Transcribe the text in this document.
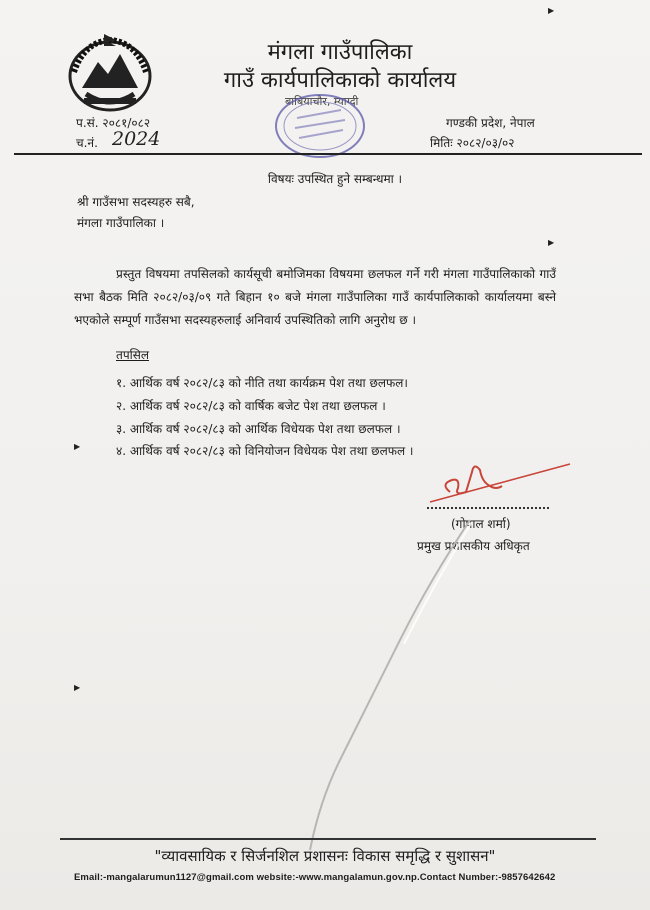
मंगला गाउँपालिका
गाउँ कार्यपालिकाको कार्यालय
बाबियाचौर, म्याग्दी
प.सं. २०८१/०८२
च.नं. 2024
गण्डकी प्रदेश, नेपाल
मितिः २०८२/०३/०२
विषयः उपस्थित हुने सम्बन्धमा ।
श्री गाउँसभा सदस्यहरु सबै,
मंगला गाउँपालिका ।
प्रस्तुत विषयमा तपसिलको कार्यसूची बमोजिमका विषयमा छलफल गर्ने गरी मंगला गाउँपालिकाको गाउँ सभा बैठक मिति २०८२/०३/०९ गते बिहान १० बजे मंगला गाउँपालिका गाउँ कार्यपालिकाको कार्यालयमा बस्ने भएकोले सम्पूर्ण गाउँसभा सदस्यहरुलाई अनिवार्य उपस्थितिको लागि अनुरोध छ ।
तपसिल
१. आर्थिक वर्ष २०८२/८३ को नीति तथा कार्यक्रम पेश तथा छलफल।
२. आर्थिक वर्ष २०८२/८३ को वार्षिक बजेट पेश तथा छलफल ।
३. आर्थिक वर्ष २०८२/८३ को आर्थिक विधेयक पेश तथा छलफल ।
४. आर्थिक वर्ष २०८२/८३ को विनियोजन विधेयक पेश तथा छलफल ।
(गोपाल शर्मा)
प्रमुख प्रशासकीय अधिकृत
▶
▶
▶
▶
"व्यावसायिक र सिर्जनशिल प्रशासनः विकास समृद्धि र सुशासन"
Email:-mangalarumun1127@gmail.com website:-www.mangalamun.gov.np.Contact Number:-9857642642
